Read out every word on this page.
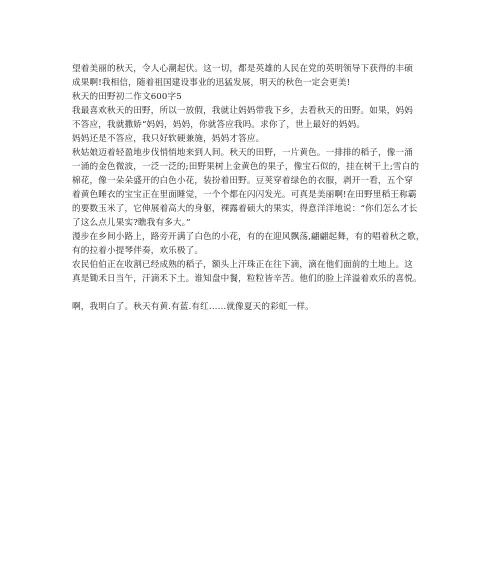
望着美丽的秋天，令人心潮起伏。这一切，都是英雄的人民在党的英明领导下获得的丰硕
成果啊!我相信，随着祖国建设事业的迅猛发展，明天的秋色一定会更美!
秋天的田野初二作文600字5
我最喜欢秋天的田野，所以一放假，我就让妈妈带我下乡，去看秋天的田野。如果，妈妈
不答应，我就撒娇“妈妈，妈妈，你就答应我吗。求你了，世上最好的妈妈。
妈妈还是不答应，我只好软硬兼施，妈妈才答应。
秋姑娘迈着轻盈地步伐悄悄地来到人间。秋天的田野，一片黄色。一排排的稻子，像一涌
一涌的金色微波，一泛一泛的;田野果树上金黄色的果子，像宝石似的，挂在树干上;雪白的
棉花，像一朵朵盛开的白色小花，装扮着田野。豆荚穿着绿色的衣服，剥开一看，五个穿
着黄色睡衣的宝宝正在里面睡觉，一个个都在闪闪发光。可真是美丽啊!在田野里稻王称霸
的要数玉米了，它伸展着高大的身躯，裸露着硕大的果实，得意洋洋地说：“你们怎么才长
了这么点儿果实?瞧我有多大。”
漫步在乡间小路上，路旁开满了白色的小花，有的在迎风飘荡,翩翩起舞，有的唱着秋之歌，
有的拉着小提琴伴奏，欢乐极了。
农民伯伯正在收割已经成熟的稻子，额头上汗珠正在往下滴，滴在他们面前的土地上。这
真是锄禾日当午，汗滴禾下土。谁知盘中餐，粒粒皆辛苦。他们的脸上洋溢着欢乐的喜悦。
啊，我明白了。秋天有黄.有蓝.有红……就像夏天的彩虹一样。
